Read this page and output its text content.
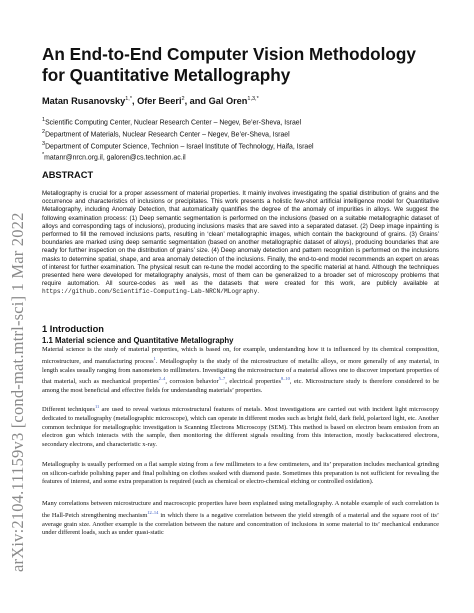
arXiv:2104.11159v3 [cond-mat.mtrl-sci] 1 Mar 2022
An End-to-End Computer Vision Methodology for Quantitative Metallography
Matan Rusanovsky$^{1,*}$, Ofer Beeri$^2$, and Gal Oren$^{1,3,*}$
$^1$Scientific Computing Center, Nuclear Research Center – Negev, Be’er-Sheva, Israel
$^2$Department of Materials, Nuclear Research Center – Negev, Be’er-Sheva, Israel
$^3$Department of Computer Science, Technion – Israel Institute of Technology, Haifa, Israel
*matanr@nrcn.org.il, galoren@cs.technion.ac.il
ABSTRACT
Metallography is crucial for a proper assessment of material properties. It mainly involves investigating the spatial distribution of grains and the occurrence and characteristics of inclusions or precipitates. This work presents a holistic few-shot artificial intelligence model for Quantitative Metallography, including Anomaly Detection, that automatically quantifies the degree of the anomaly of impurities in alloys. We suggest the following examination process: (1) Deep semantic segmentation is performed on the inclusions (based on a suitable metallographic dataset of alloys and corresponding tags of inclusions), producing inclusions masks that are saved into a separated dataset. (2) Deep image inpainting is performed to fill the removed inclusions parts, resulting in ‘clean’ metallographic images, which contain the background of grains. (3) Grains’ boundaries are marked using deep semantic segmentation (based on another metallographic dataset of alloys), producing boundaries that are ready for further inspection on the distribution of grains’ size. (4) Deep anomaly detection and pattern recognition is performed on the inclusions masks to determine spatial, shape, and area anomaly detection of the inclusions. Finally, the end-to-end model recommends an expert on areas of interest for further examination. The physical result can re-tune the model according to the specific material at hand. Although the techniques presented here were developed for metallography analysis, most of them can be generalized to a broader set of microscopy problems that require automation. All source-codes as well as the datasets that were created for this work, are publicly available at https://github.com/Scientific-Computing-Lab-NRCN/MLography.
1 Introduction
1.1 Material science and Quantitative Metallography
Material science is the study of material properties, which is based on, for example, understanding how it is influenced by its chemical composition, microstructure, and manufacturing process$^1$. Metallography is the study of the microstructure of metallic alloys, or more generally of any material, in length scales usually ranging from nanometers to millimeters. Investigating the microstructure of a material allows one to discover important properties of that material, such as mechanical properties$^{2-4}$, corrosion behavior$^{5-7}$, electrical properties$^{8-10}$, etc. Microstructure study is therefore considered to be among the most beneficial and effective fields for understanding materials’ properties.
Different techniques$^{11}$ are used to reveal various microstructural features of metals. Most investigations are carried out with incident light microscopy dedicated to metallography (metallographic microscope), which can operate in different modes such as bright field, dark field, polarized light, etc. Another common technique for metallographic investigation is Scanning Electrons Microscopy (SEM). This method is based on electron beam emission from an electron gun which interacts with the sample, then monitoring the different signals resulting from this interaction, mostly backscattered electrons, secondary electrons, and characteristic x-ray.
Metallography is usually performed on a flat sample sizing from a few millimeters to a few centimeters, and its’ preparation includes mechanical grinding on silicon-carbide polishing paper and final polishing on clothes soaked with diamond paste. Sometimes this preparation is not sufficient for revealing the features of interest, and some extra preparation is required (such as chemical or electro-chemical etching or controlled oxidation).
Many correlations between microstructure and macroscopic properties have been explained using metallography. A notable example of such correlation is the Hall-Petch strengthening mechanism$^{12-14}$ in which there is a negative correlation between the yield strength of a material and the square root of its’ average grain size. Another example is the correlation between the nature and concentration of inclusions in some material to its’ mechanical endurance under different loads, such as under quasi-static
